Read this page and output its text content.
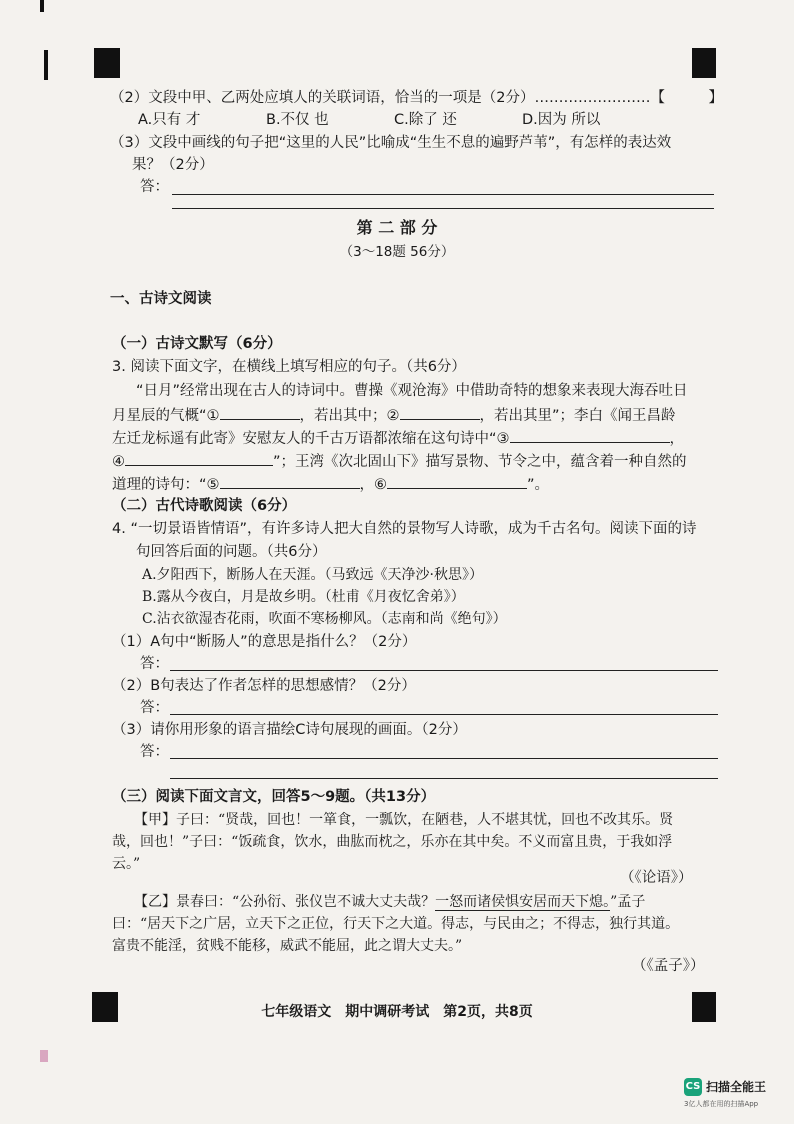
（2）文段中甲、乙两处应填人的关联词语，恰当的一项是（2分）……………………【　　　】
A.只有 才	B.不仅 也	C.除了 还	D.因为 所以
（3）文段中画线的句子把“这里的人民”比喻成“生生不息的遍野芦苇”，有怎样的表达效
果？（2分）
答：
第 二 部 分
（3～18题 56分）
一、古诗文阅读
（一）古诗文默写（6分）
3. 阅读下面文字，在横线上填写相应的句子。（共6分）
“日月”经常出现在古人的诗词中。曹操《观沧海》中借助奇特的想象来表现大海吞吐日
月星辰的气概“①	，若出其中；②	，若出其里”；李白《闻王昌龄
左迁龙标遥有此寄》安慰友人的千古万语都浓缩在这句诗中“③	，
④	”；王湾《次北固山下》描写景物、节令之中，蕴含着一种自然的
道理的诗句：“⑤	，⑥	”。
（二）古代诗歌阅读（6分）
4. “一切景语皆情语”，有许多诗人把大自然的景物写人诗歌，成为千古名句。阅读下面的诗
句回答后面的问题。（共6分）
A.夕阳西下，断肠人在天涯。（马致远《天净沙·秋思》）
B.露从今夜白，月是故乡明。（杜甫《月夜忆舍弟》）
C.沾衣欲湿杏花雨，吹面不寒杨柳风。（志南和尚《绝句》）
（1）A句中“断肠人”的意思是指什么？（2分）
答：
（2）B句表达了作者怎样的思想感情？（2分）
答：
（3）请你用形象的语言描绘C诗句展现的画面。（2分）
答：
（三）阅读下面文言文，回答5～9题。（共13分）
【甲】子曰：“贤哉，回也！一箪食，一瓢饮，在陋巷，人不堪其忧，回也不改其乐。贤
哉，回也！”子曰：“饭疏食，饮水，曲肱而枕之，乐亦在其中矣。不义而富且贵，于我如浮
云。”
（《论语》）
【乙】景春曰：“公孙衍、张仪岂不诚大丈夫哉？一怒而诸侯惧安居而天下熄。”孟子
曰：“居天下之广居，立天下之正位，行天下之大道。得志，与民由之；不得志，独行其道。
富贵不能淫，贫贱不能移，威武不能屈，此之谓大丈夫。”
（《孟子》）
七年级语文　期中调研考试　第2页，共8页
CS 扫描全能王
3亿人都在用的扫描App
